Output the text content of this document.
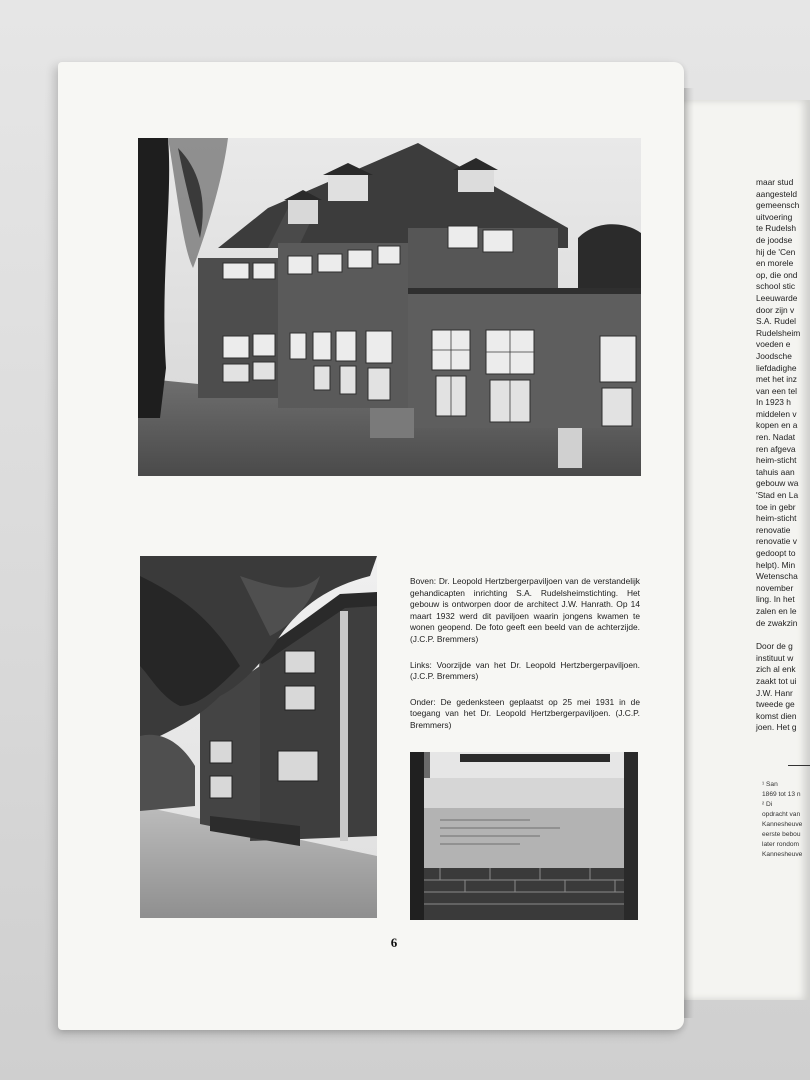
maar stud
aangesteld
gemeensch
uitvoering
te Rudelsh
de joodse
hij de 'Cen
en morele
op, die ond
school stic
Leeuwarde
door zijn v
S.A. Rudel
Rudelsheim
voeden e
Joodsche
liefdadighe
met het inz
van een tel
In 1923 h
middelen v
kopen en a
ren. Nadat
ren afgeva
heim-sticht
tahuis aan
gebouw wa
'Stad en La
toe in gebr
heim-sticht
renovatie
renovatie v
gedoopt to
helpt). Min
Wetenscha
november
ling. In het
zalen en le
de zwakzin
Door de g
instituut w
zich al enk
zaakt tot ui
J.W. Hanr
tweede ge
komst dien
joen. Het g
¹ San
1869 tot 13 n
² Di
opdracht van
Kannesheuve
eerste bebou
later rondom
Kannesheuve

Boven: Dr. Leopold Hertzbergerpaviljoen van de verstandelijk gehandicapten inrichting S.A. Rudelsheimstichting. Het gebouw is ontworpen door de architect J.W. Hanrath. Op 14 maart 1932 werd dit paviljoen waarin jongens kwamen te wonen geopend. De foto geeft een beeld van de achterzijde. (J.C.P. Bremmers)

Links: Voorzijde van het Dr. Leopold Hertzbergerpaviljoen. (J.C.P. Bremmers)

Onder: De gedenksteen geplaatst op 25 mei 1931 in de toegang van het Dr. Leopold Hertzbergerpaviljoen. (J.C.P. Bremmers)

6
